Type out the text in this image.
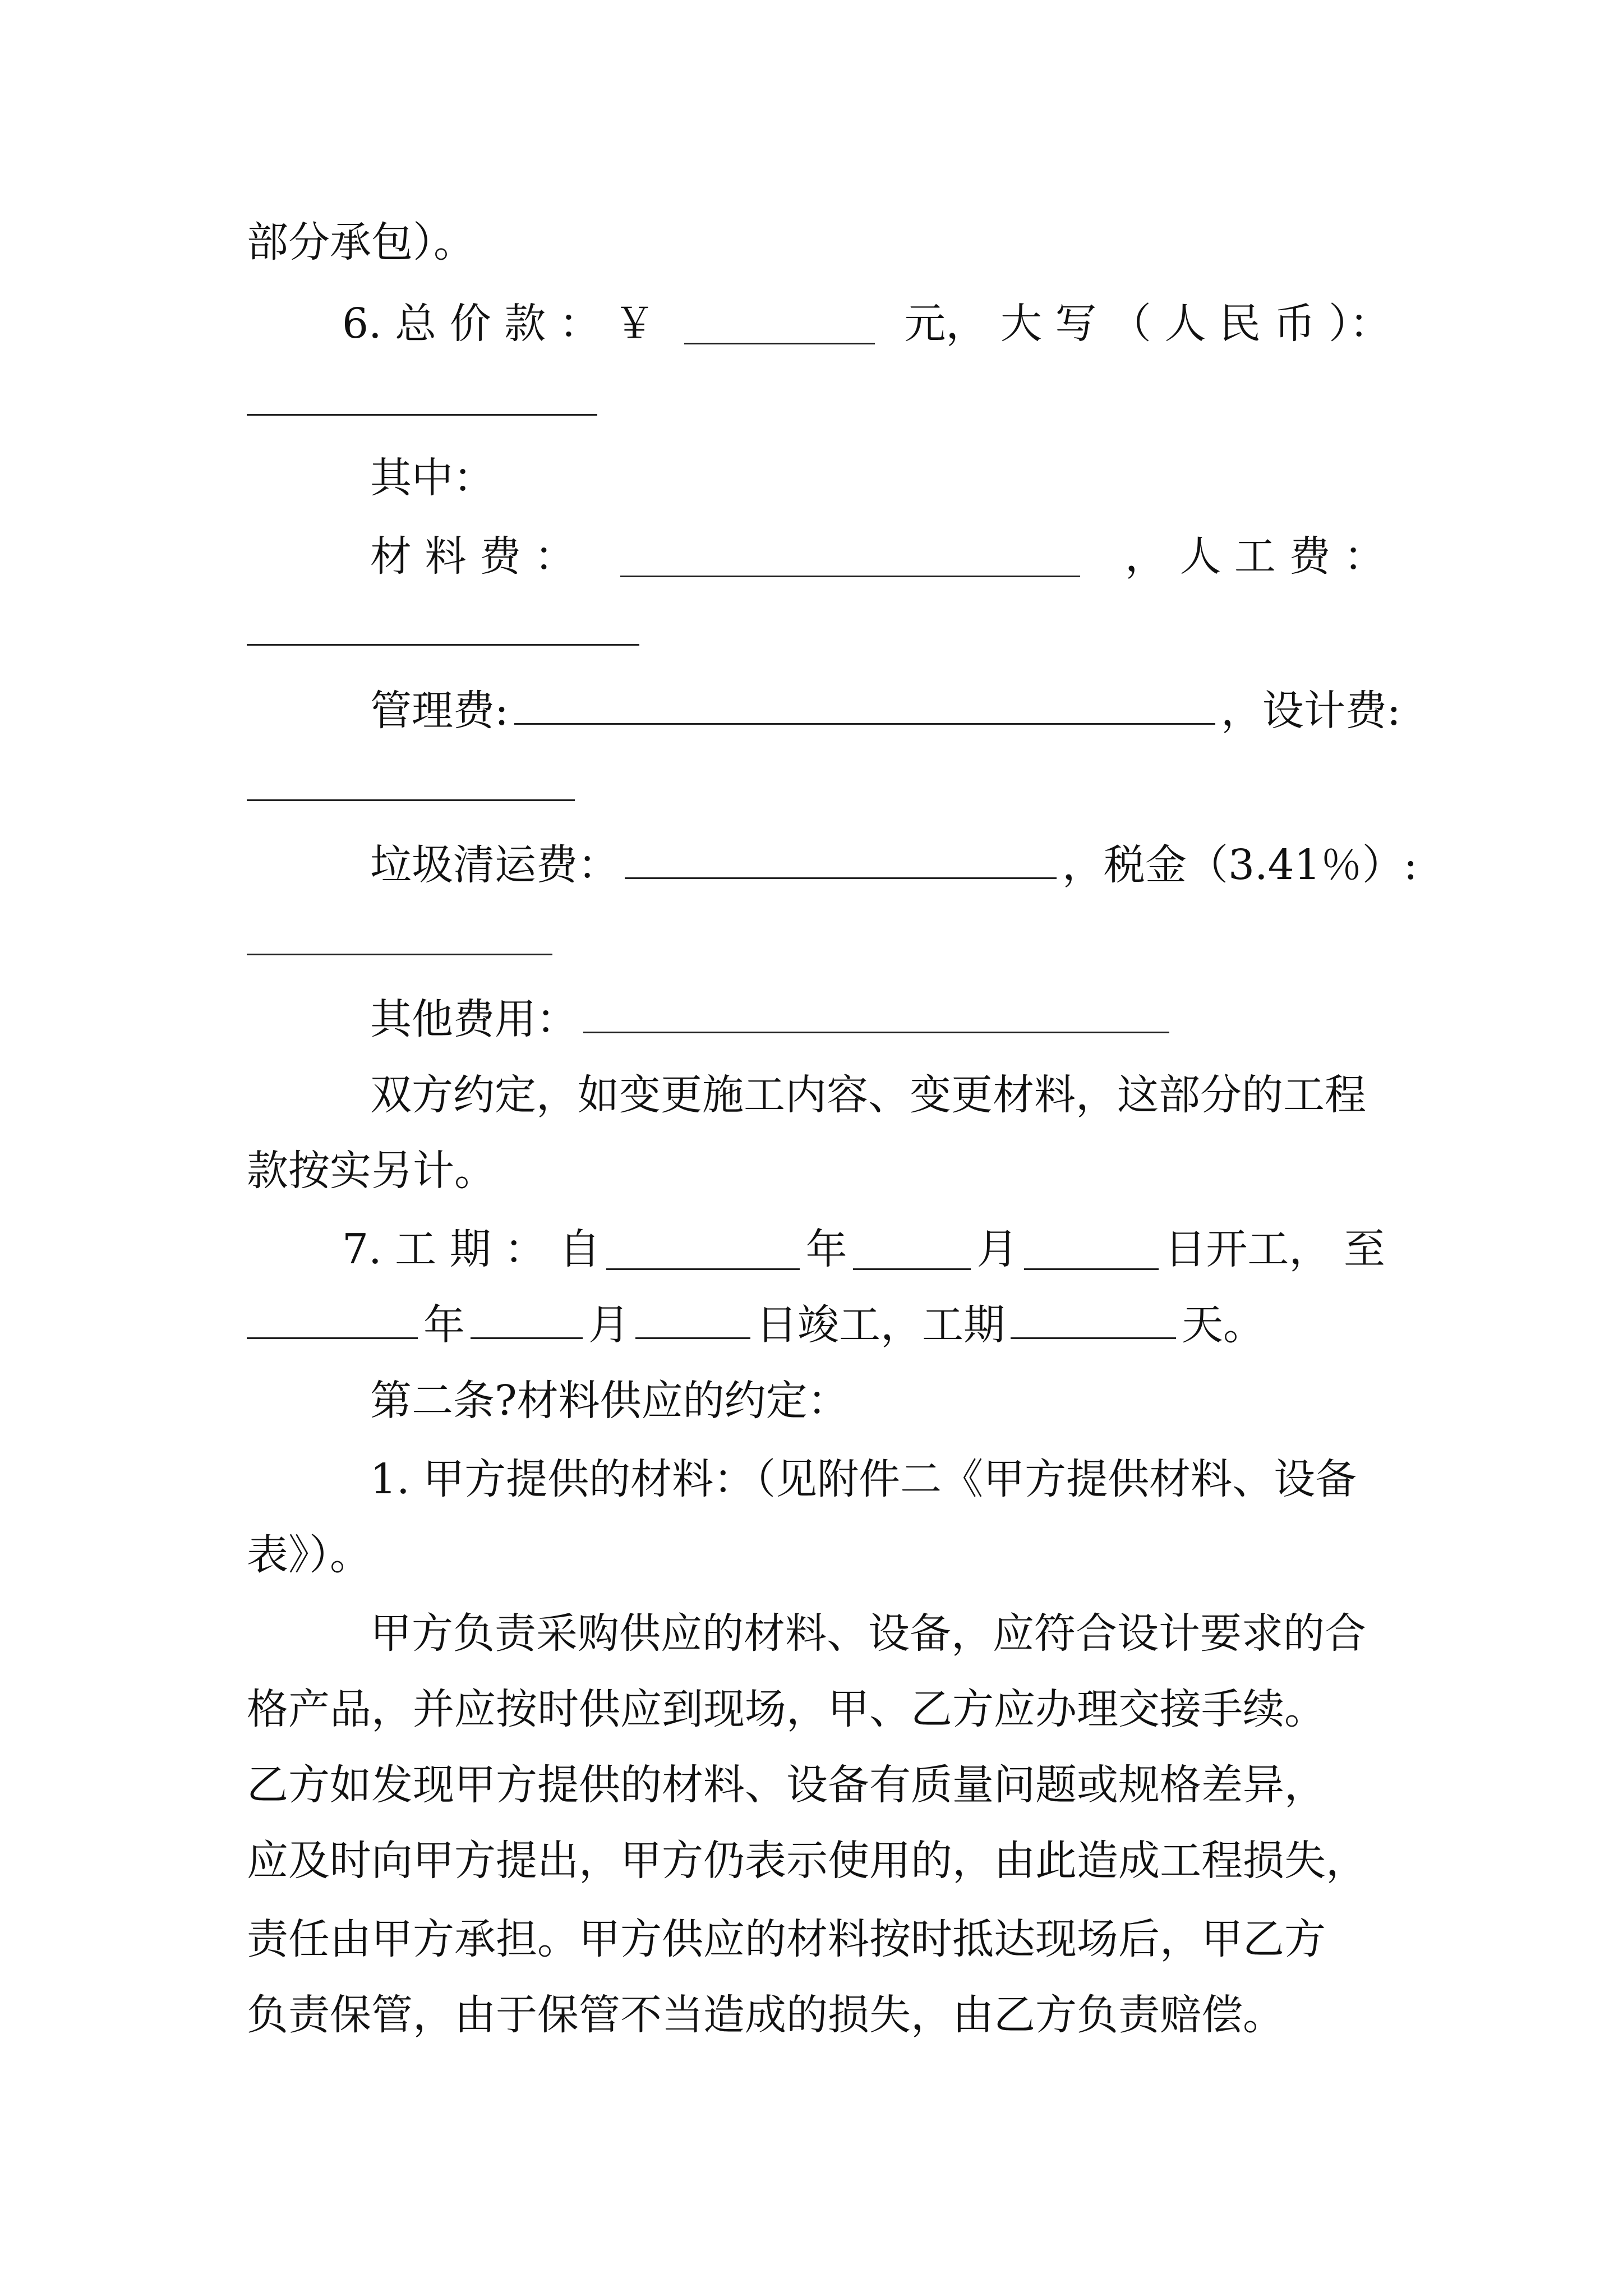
部分承包）。
6. 总 价 款 ： ￥	元， 大 写 （ 人 民 币 ）：
其中：
材 料 费 ：	， 人 工 费 ：
管理费:	，设计费:
垃圾清运费：	，税金（3.41％）:
其他费用：
双方约定，如变更施工内容、变更材料，这部分的工程
款按实另计。
7. 工 期 ： 自	年	月	日开工， 至
年	月	日竣工，工期	天。
第二条?材料供应的约定：
1. 甲方提供的材料：（见附件二《甲方提供材料、设备
表》）。
甲方负责采购供应的材料、设备，应符合设计要求的合
格产品，并应按时供应到现场，甲、乙方应办理交接手续。
乙方如发现甲方提供的材料、设备有质量问题或规格差异，
应及时向甲方提出，甲方仍表示使用的，由此造成工程损失，
责任由甲方承担。甲方供应的材料按时抵达现场后，甲乙方
负责保管，由于保管不当造成的损失，由乙方负责赔偿。
